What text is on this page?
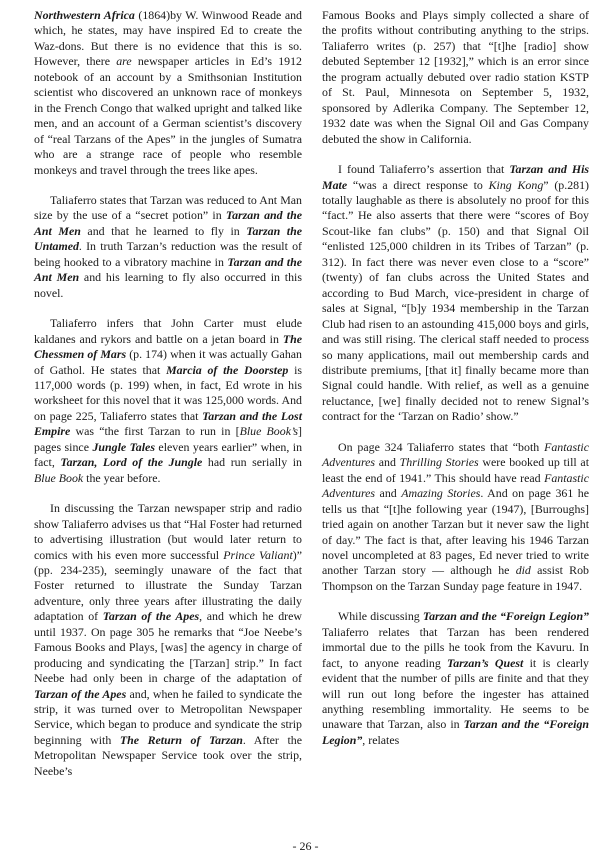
Northwestern Africa (1864)by W. Winwood Reade and which, he states, may have inspired Ed to create the Waz-dons. But there is no evidence that this is so. However, there are newspaper articles in Ed’s 1912 notebook of an account by a Smithsonian Institution scientist who discovered an unknown race of monkeys in the French Congo that walked upright and talked like men, and an account of a German scientist’s discovery of “real Tarzans of the Apes” in the jungles of Sumatra who are a strange race of people who resemble monkeys and travel through the trees like apes.

Taliaferro states that Tarzan was reduced to Ant Man size by the use of a “secret potion” in Tarzan and the Ant Men and that he learned to fly in Tarzan the Untamed. In truth Tarzan’s reduction was the result of being hooked to a vibratory machine in Tarzan and the Ant Men and his learning to fly also occurred in this novel.

Taliaferro infers that John Carter must elude kaldanes and rykors and battle on a jetan board in The Chessmen of Mars (p. 174) when it was actually Gahan of Gathol. He states that Marcia of the Doorstep is 117,000 words (p. 199) when, in fact, Ed wrote in his worksheet for this novel that it was 125,000 words. And on page 225, Taliaferro states that Tarzan and the Lost Empire was “the first Tarzan to run in [Blue Book’s] pages since Jungle Tales eleven years earlier” when, in fact, Tarzan, Lord of the Jungle had run serially in Blue Book the year before.

In discussing the Tarzan newspaper strip and radio show Taliaferro advises us that “Hal Foster had returned to advertising illustration (but would later return to comics with his even more successful Prince Valiant)” (pp. 234-235), seemingly unaware of the fact that Foster returned to illustrate the Sunday Tarzan adventure, only three years after illustrating the daily adaptation of Tarzan of the Apes, and which he drew until 1937. On page 305 he remarks that “Joe Neebe’s Famous Books and Plays, [was] the agency in charge of producing and syndicating the [Tarzan] strip.” In fact Neebe had only been in charge of the adaptation of Tarzan of the Apes and, when he failed to syndicate the strip, it was turned over to Metropolitan Newspaper Service, which began to produce and syndicate the strip beginning with The Return of Tarzan. After the Metropolitan Newspaper Service took over the strip, Neebe’s

Famous Books and Plays simply collected a share of the profits without contributing anything to the strips. Taliaferro writes (p. 257) that “[t]he [radio] show debuted September 12 [1932],” which is an error since the program actually debuted over radio station KSTP of St. Paul, Minnesota on September 5, 1932, sponsored by Adlerika Company. The September 12, 1932 date was when the Signal Oil and Gas Company debuted the show in California.

I found Taliaferro’s assertion that Tarzan and His Mate “was a direct response to King Kong” (p.281) totally laughable as there is absolutely no proof for this “fact.” He also asserts that there were “scores of Boy Scout-like fan clubs” (p. 150) and that Signal Oil “enlisted 125,000 children in its Tribes of Tarzan” (p. 312). In fact there was never even close to a “score” (twenty) of fan clubs across the United States and according to Bud March, vice-president in charge of sales at Signal, “[b]y 1934 membership in the Tarzan Club had risen to an astounding 415,000 boys and girls, and was still rising. The clerical staff needed to process so many applications, mail out membership cards and distribute premiums, [that it] finally became more than Signal could handle. With relief, as well as a genuine reluctance, [we] finally decided not to renew Signal’s contract for the ‘Tarzan on Radio’ show.”

On page 324 Taliaferro states that “both Fantastic Adventures and Thrilling Stories were booked up till at least the end of 1941.” This should have read Fantastic Adventures and Amazing Stories. And on page 361 he tells us that “[t]he following year (1947), [Burroughs] tried again on another Tarzan but it never saw the light of day.” The fact is that, after leaving his 1946 Tarzan novel uncompleted at 83 pages, Ed never tried to write another Tarzan story — although he did assist Rob Thompson on the Tarzan Sunday page feature in 1947.

While discussing Tarzan and the “Foreign Legion” Taliaferro relates that Tarzan has been rendered immortal due to the pills he took from the Kavuru. In fact, to anyone reading Tarzan’s Quest it is clearly evident that the number of pills are finite and that they will run out long before the ingester has attained anything resembling immortality. He seems to be unaware that Tarzan, also in Tarzan and the “Foreign Legion”, relates

- 26 -
